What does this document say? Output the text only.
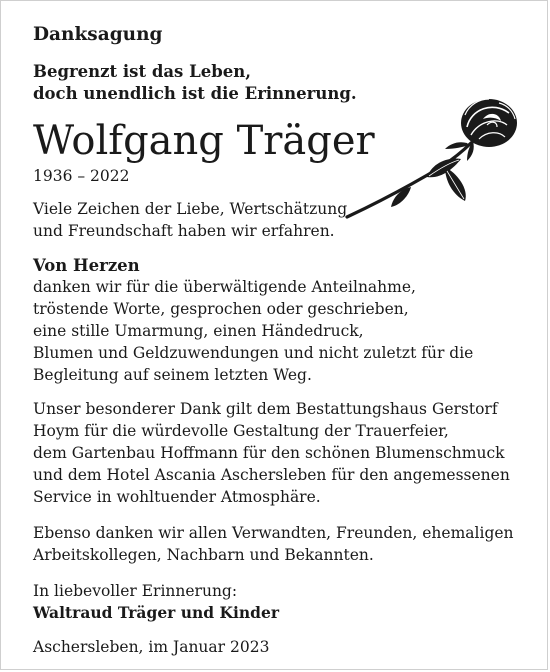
Danksagung
Begrenzt ist das Leben,
doch unendlich ist die Erinnerung.
Wolfgang Träger
1936 – 2022
Viele Zeichen der Liebe, Wertschätzung
und Freundschaft haben wir erfahren.
Von Herzen
danken wir für die überwältigende Anteilnahme,
tröstende Worte, gesprochen oder geschrieben,
eine stille Umarmung, einen Händedruck,
Blumen und Geldzuwendungen und nicht zuletzt für die
Begleitung auf seinem letzten Weg.
Unser besonderer Dank gilt dem Bestattungshaus Gerstorf
Hoym für die würdevolle Gestaltung der Trauerfeier,
dem Gartenbau Hoffmann für den schönen Blumenschmuck
und dem Hotel Ascania Aschersleben für den angemessenen
Service in wohltuender Atmosphäre.
Ebenso danken wir allen Verwandten, Freunden, ehemaligen
Arbeitskollegen, Nachbarn und Bekannten.
In liebevoller Erinnerung:
Waltraud Träger und Kinder
Aschersleben, im Januar 2023
